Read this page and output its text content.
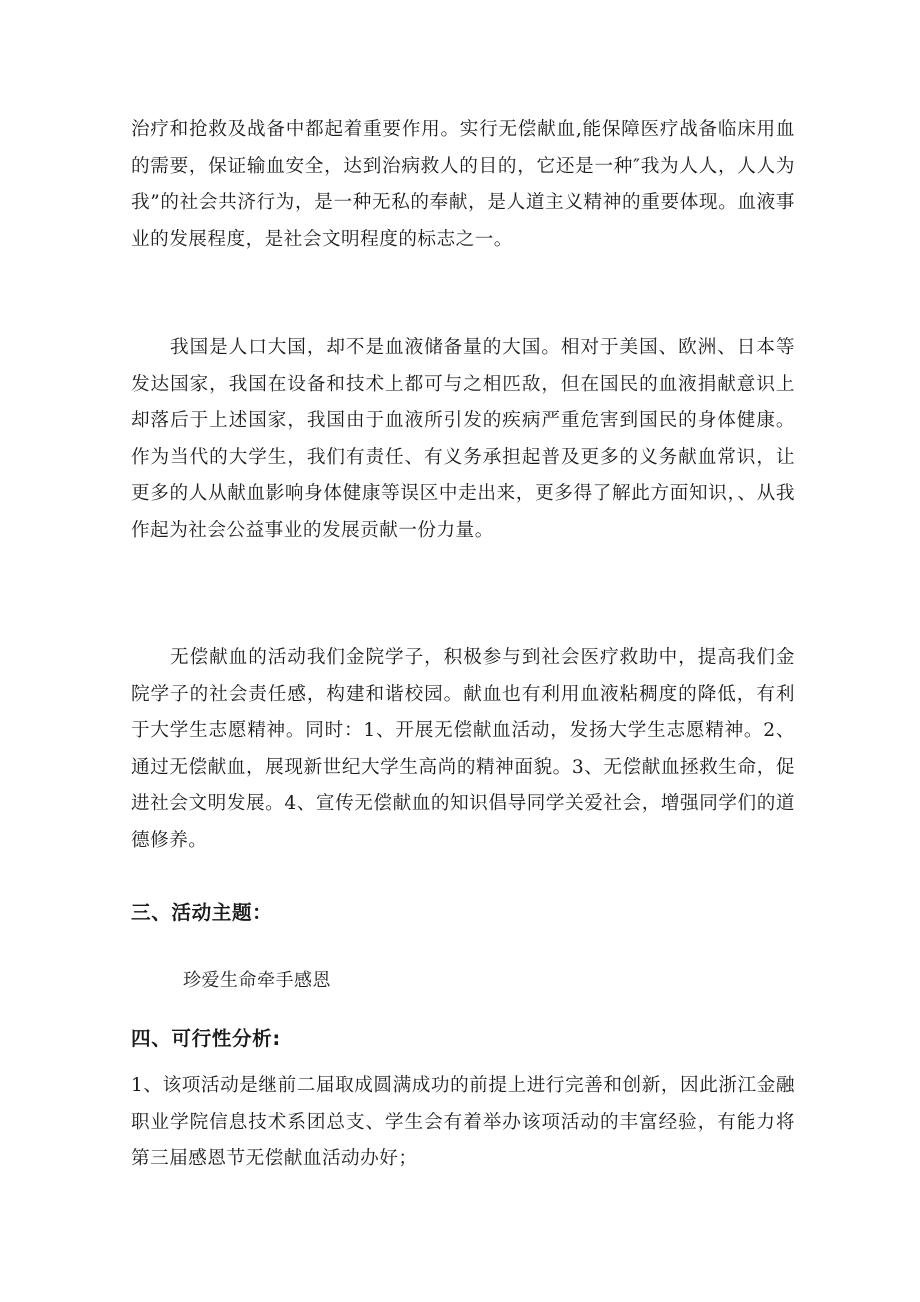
治疗和抢救及战备中都起着重要作用。实行无偿献血,能保障医疗战备临床用血的需要，保证输血安全，达到治病救人的目的，它还是一种″我为人人，人人为我”的社会共济行为，是一种无私的奉献，是人道主义精神的重要体现。血液事业的发展程度，是社会文明程度的标志之一。

我国是人口大国，却不是血液储备量的大国。相对于美国、欧洲、日本等发达国家，我国在设备和技术上都可与之相匹敌，但在国民的血液捐献意识上却落后于上述国家，我国由于血液所引发的疾病严重危害到国民的身体健康。作为当代的大学生，我们有责任、有义务承担起普及更多的义务献血常识，让更多的人从献血影响身体健康等误区中走出来，更多得了解此方面知识，、从我作起为社会公益事业的发展贡献一份力量。

无偿献血的活动我们金院学子，积极参与到社会医疗救助中，提高我们金院学子的社会责任感，构建和谐校园。献血也有利用血液粘稠度的降低，有利于大学生志愿精神。同时：1、开展无偿献血活动，发扬大学生志愿精神。2、通过无偿献血，展现新世纪大学生高尚的精神面貌。3、无偿献血拯救生命，促进社会文明发展。4、宣传无偿献血的知识倡导同学关爱社会，增强同学们的道德修养。

三、活动主题：

珍爱生命牵手感恩

四、可行性分析:

1、该项活动是继前二届取成圆满成功的前提上进行完善和创新，因此浙江金融职业学院信息技术系团总支、学生会有着举办该项活动的丰富经验，有能力将第三届感恩节无偿献血活动办好；
